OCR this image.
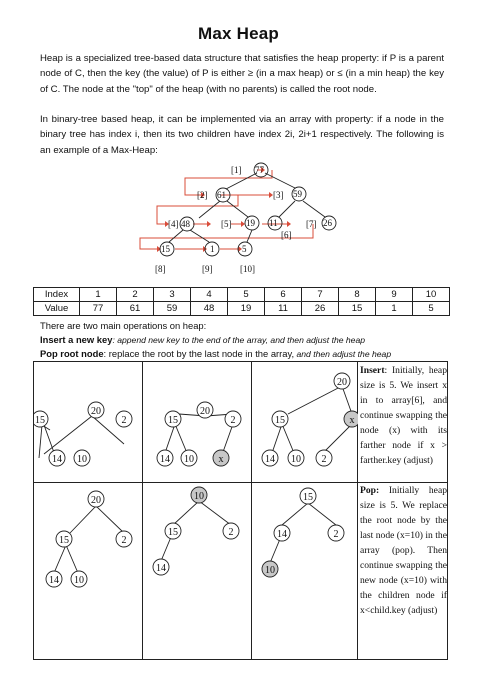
Max Heap
Heap is a specialized tree-based data structure that satisfies the heap property: if P is a parent node of C, then the key (the value) of P is either ≥ (in a max heap) or ≤ (in a min heap) the key of C. The node at the "top" of the heap (with no parents) is called the root node.
In binary-tree based heap, it can be implemented via an array with property: if a node in the binary tree has index i, then its two children have index 2i, 2i+1 respectively. The following is an example of a Max-Heap:
[1] 77
[2] 61	[3] 59
[4] 48	[5] 19
[6]
11	[7] 26
15	1	5
[8]	[9]	[10]
Index	1	2	3	4	5	6	7	8	9	10
Value	77	61	59	48	19	11	26	15	1	5
There are two main operations on heap:
Insert a new key: append new key to the end of the array, and then adjust the heap
Pop root node: replace the root by the last node in the array, and then adjust the heap
20
15	2
14 10
20
15	2
14 10 x
20
15	x
14 10 2
20
15	2
14 10
10
15	2
14
15
14	2
10
Insert: Initially, heap size is 5. We insert x in to array[6], and continue swapping the node (x) with its farther node if x > farther.key (adjust)
Pop: Initially heap size is 5. We replace the root node by the last node (x=10) in the array (pop). Then continue swapping the new node (x=10) with the children node if x<child.key (adjust)
